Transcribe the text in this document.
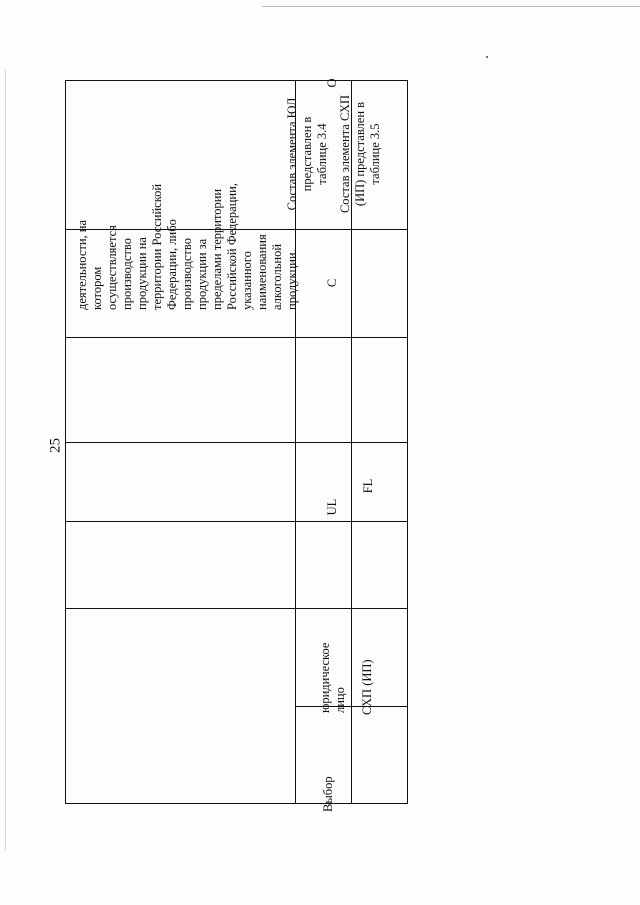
25
деятельности, на
котором
осуществляется
производство
продукции на
территории Российской
Федерации, либо
производство
продукции за
пределами территории
Российской Федерации,
указанного
наименования
алкогольной
продукции.
Выбор
юридическое
лицо
UL
С
О
Состав элемента ЮЛ
представлен в
таблице 3.4
СХП (ИП)
FL
Состав элемента СХП
(ИП) представлен в
таблице 3.5
